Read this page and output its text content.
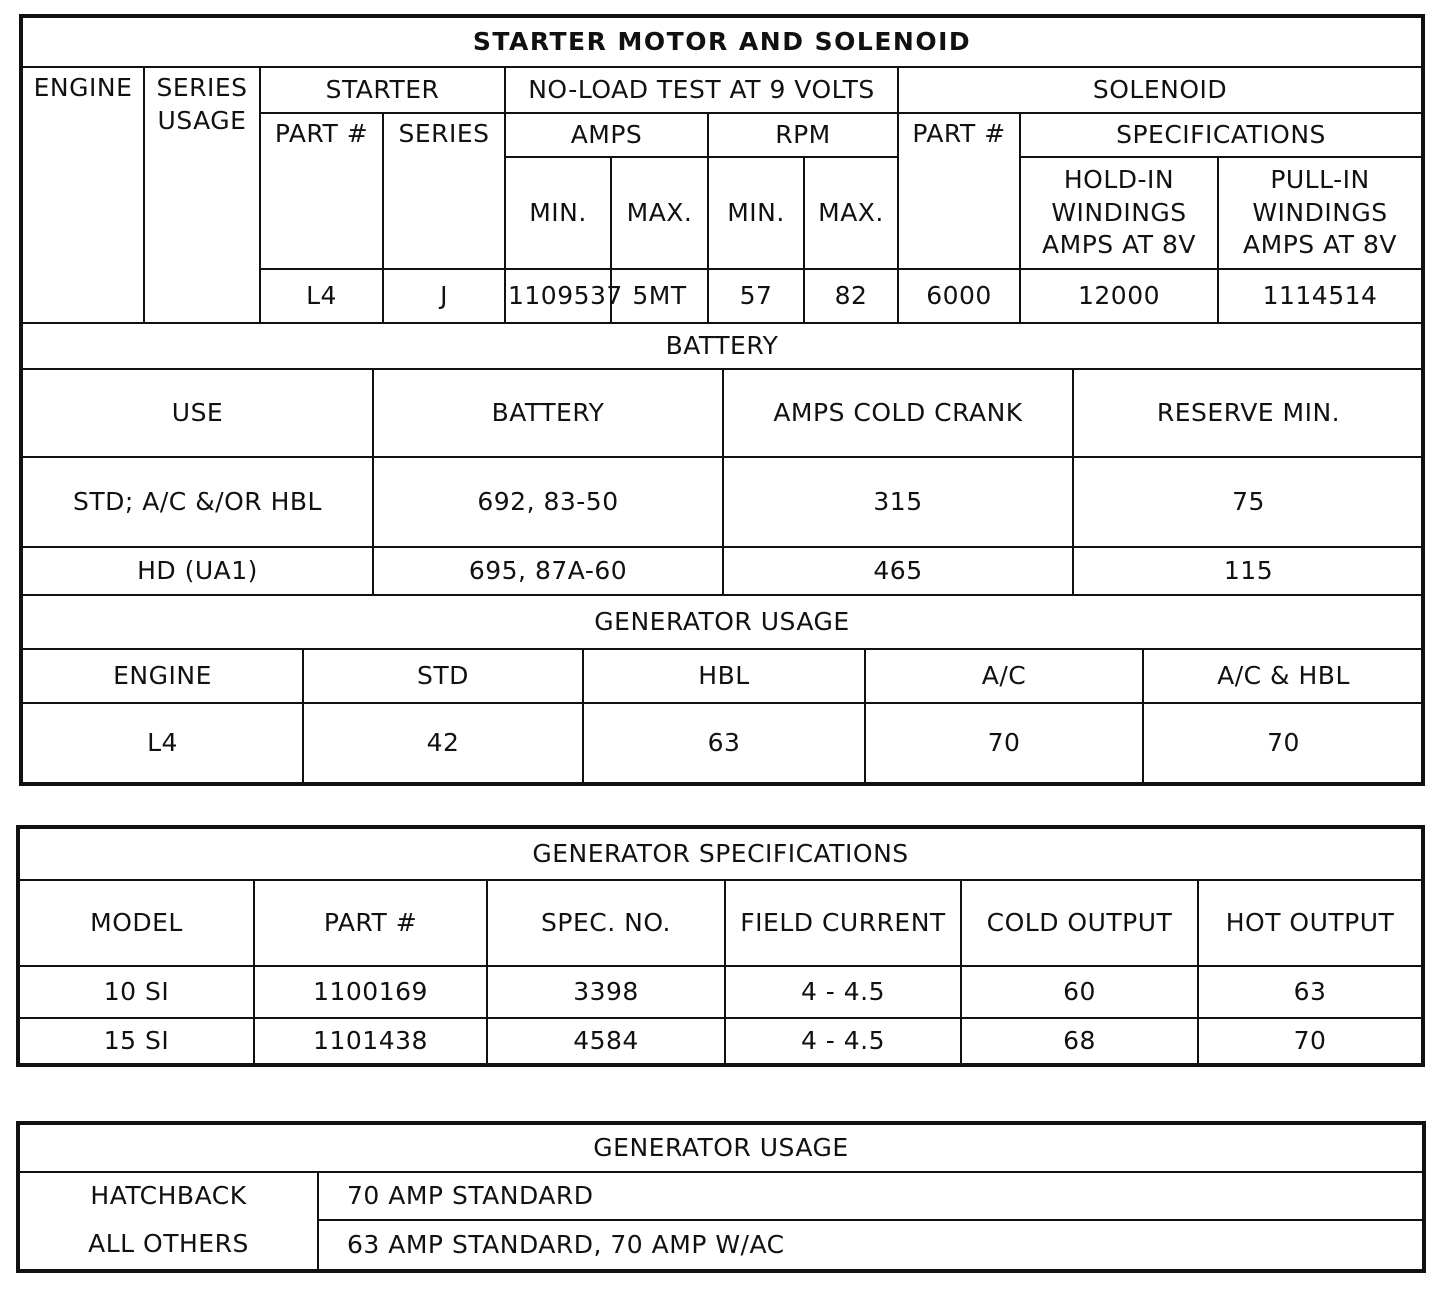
STARTER MOTOR AND SOLENOID
ENGINE	SERIES USAGE	STARTER	NO-LOAD TEST AT 9 VOLTS	SOLENOID
PART #	SERIES	AMPS	RPM	PART #	SPECIFICATIONS
MIN.	MAX.	MIN.	MAX.	HOLD-IN WINDINGS AMPS AT 8V	PULL-IN WINDINGS AMPS AT 8V
L4	J	1109537	5MT	57	82	6000	12000	1114514		
BATTERY

USE	BATTERY	AMPS COLD CRANK	RESERVE MIN.

STD; A/C &/OR HBL	692, 83-50	315	75

HD (UA1)	695, 87A-60	465	115

GENERATOR USAGE

ENGINE	STD	HBL	A/C	A/C & HBL

L4	42	63	70	70
GENERATOR SPECIFICATIONS					
MODEL	PART #	SPEC. NO.	FIELD CURRENT	COLD OUTPUT	HOT OUTPUT
10 SI	1100169	3398	4 - 4.5	60	63
15 SI	1101438	4584	4 - 4.5	68	70
GENERATOR USAGE	
HATCHBACK	70 AMP STANDARD
ALL OTHERS	63 AMP STANDARD, 70 AMP W/AC
